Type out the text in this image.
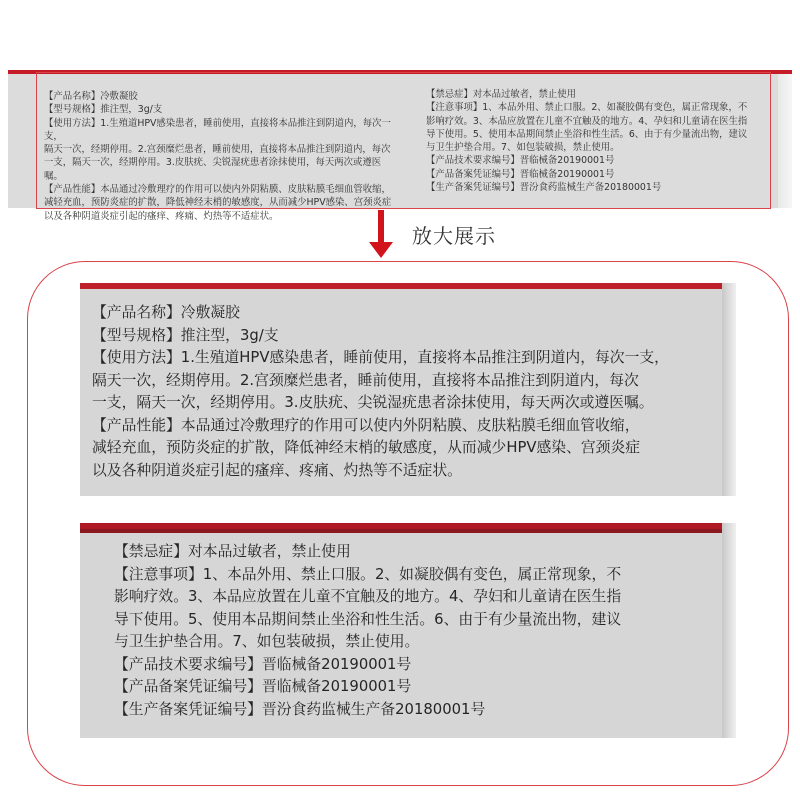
【产品名称】冷敷凝胶

【型号规格】推注型，3g/支

【使用方法】1.生殖道HPV感染患者，睡前使用，直接将本品推注到阴道内，每次一支，

隔天一次，经期停用。2.宫颈糜烂患者，睡前使用，直接将本品推注到阴道内，每次

一支，隔天一次，经期停用。3.皮肤疣、尖锐湿疣患者涂抹使用，每天两次或遵医嘱。

【产品性能】本品通过冷敷理疗的作用可以使内外阴粘膜、皮肤粘膜毛细血管收缩，

减轻充血，预防炎症的扩散，降低神经末梢的敏感度，从而减少HPV感染、宫颈炎症

以及各种阴道炎症引起的瘙痒、疼痛、灼热等不适症状。

【禁忌症】对本品过敏者，禁止使用

【注意事项】1、本品外用、禁止口服。2、如凝胶偶有变色，属正常现象，不

影响疗效。3、本品应放置在儿童不宜触及的地方。4、孕妇和儿童请在医生指

导下使用。5、使用本品期间禁止坐浴和性生活。6、由于有少量流出物，建议

与卫生护垫合用。7、如包装破损，禁止使用。

【产品技术要求编号】晋临械备20190001号

【产品备案凭证编号】晋临械备20190001号

【生产备案凭证编号】晋汾食药监械生产备20180001号

放大展示

【产品名称】冷敷凝胶

【型号规格】推注型，3g/支

【使用方法】1.生殖道HPV感染患者，睡前使用，直接将本品推注到阴道内，每次一支，

隔天一次，经期停用。2.宫颈糜烂患者，睡前使用，直接将本品推注到阴道内，每次

一支，隔天一次，经期停用。3.皮肤疣、尖锐湿疣患者涂抹使用，每天两次或遵医嘱。

【产品性能】本品通过冷敷理疗的作用可以使内外阴粘膜、皮肤粘膜毛细血管收缩，

减轻充血，预防炎症的扩散，降低神经末梢的敏感度，从而减少HPV感染、宫颈炎症

以及各种阴道炎症引起的瘙痒、疼痛、灼热等不适症状。

【禁忌症】对本品过敏者，禁止使用

【注意事项】1、本品外用、禁止口服。2、如凝胶偶有变色，属正常现象，不

影响疗效。3、本品应放置在儿童不宜触及的地方。4、孕妇和儿童请在医生指

导下使用。5、使用本品期间禁止坐浴和性生活。6、由于有少量流出物，建议

与卫生护垫合用。7、如包装破损，禁止使用。

【产品技术要求编号】晋临械备20190001号

【产品备案凭证编号】晋临械备20190001号

【生产备案凭证编号】晋汾食药监械生产备20180001号
